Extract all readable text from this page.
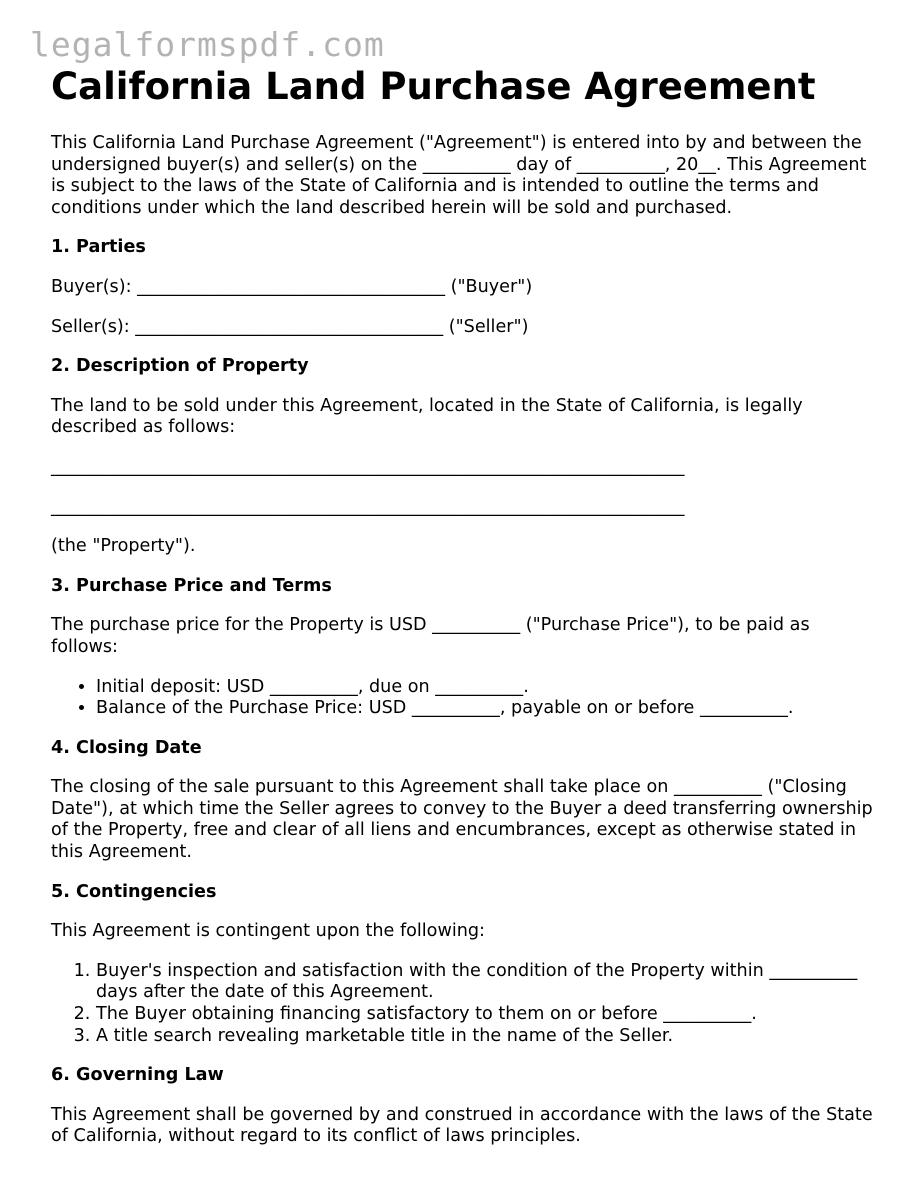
legalformspdf.com
California Land Purchase Agreement

This California Land Purchase Agreement ("Agreement") is entered into by and between the undersigned buyer(s) and seller(s) on the __________ day of __________, 20__. This Agreement is subject to the laws of the State of California and is intended to outline the terms and conditions under which the land described herein will be sold and purchased.

1. Parties

Buyer(s): ___________________________________ ("Buyer")

Seller(s): ___________________________________ ("Seller")

2. Description of Property

The land to be sold under this Agreement, located in the State of California, is legally described as follows:

________________________________________________________________________

________________________________________________________________________

(the "Property").

3. Purchase Price and Terms

The purchase price for the Property is USD __________ ("Purchase Price"), to be paid as follows:

• Initial deposit: USD __________, due on __________.
• Balance of the Purchase Price: USD __________, payable on or before __________.
4. Closing Date

The closing of the sale pursuant to this Agreement shall take place on __________ ("Closing Date"), at which time the Seller agrees to convey to the Buyer a deed transferring ownership of the Property, free and clear of all liens and encumbrances, except as otherwise stated in this Agreement.

5. Contingencies

This Agreement is contingent upon the following:

1. Buyer's inspection and satisfaction with the condition of the Property within __________ days after the date of this Agreement.
2. The Buyer obtaining financing satisfactory to them on or before __________.
3. A title search revealing marketable title in the name of the Seller.
6. Governing Law

This Agreement shall be governed by and construed in accordance with the laws of the State of California, without regard to its conflict of laws principles.
